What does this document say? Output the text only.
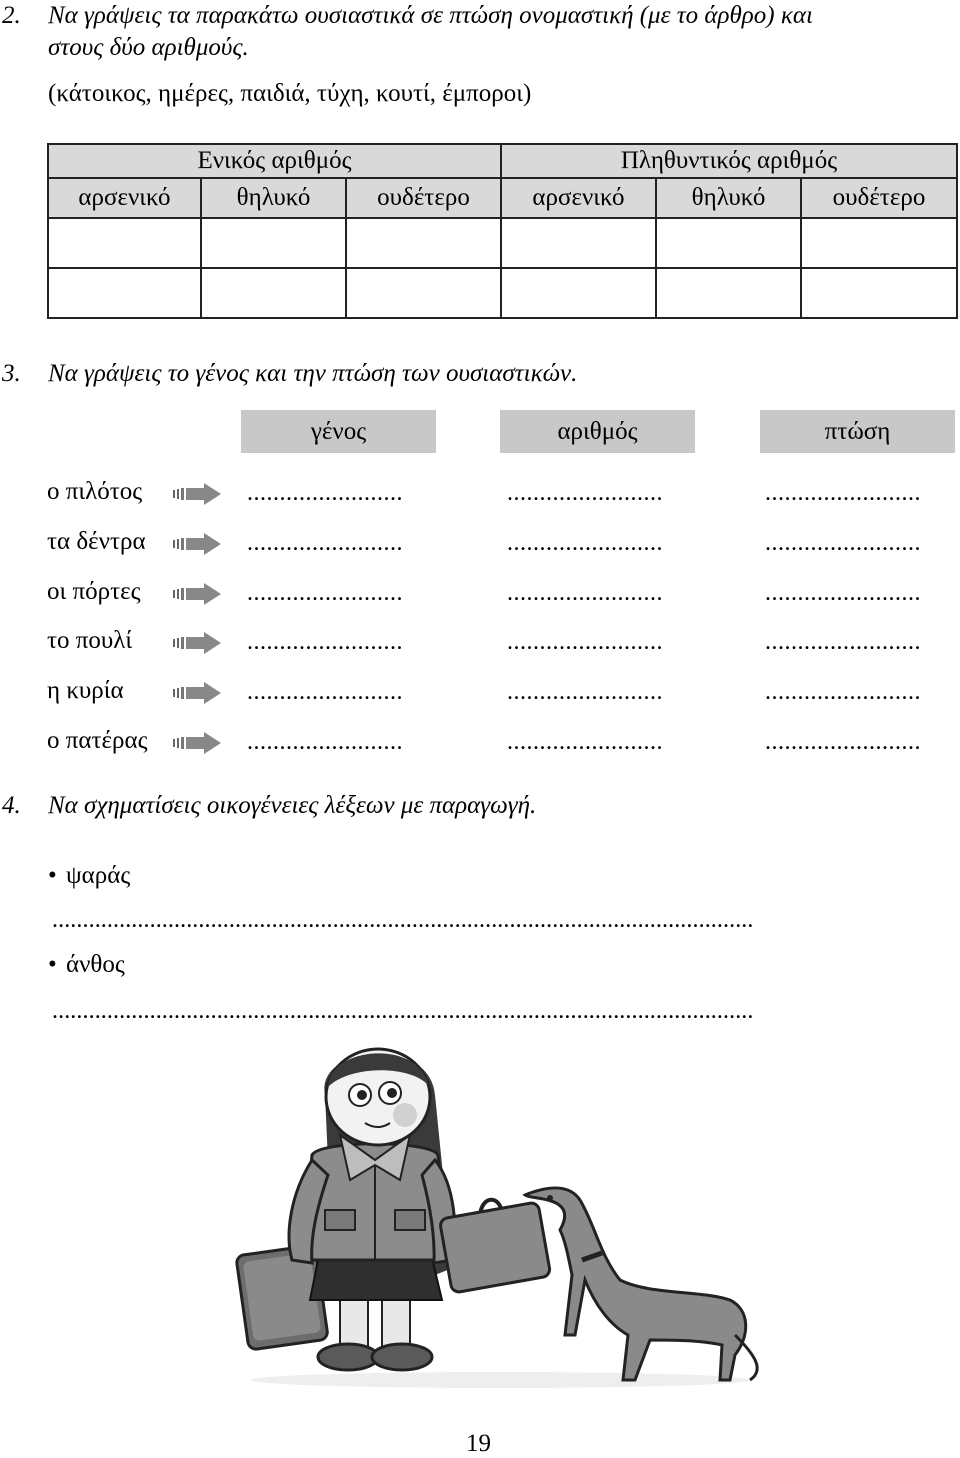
2. Να γράψεις τα παρακάτω ουσιαστικά σε πτώση ονομαστική (με το άρθρο) και
στους δύο αριθμούς.
(κάτοικος, ημέρες, παιδιά, τύχη, κουτί, έμποροι)
Ενικός αριθμός			Πληθυντικός αριθμός		
αρσενικό	θηλυκό	ουδέτερο	αρσενικό	θηλυκό	ουδέτερο

3. Να γράψεις το γένος και την πτώση των ουσιαστικών.
γένος	αριθμός	πτώση
ο πιλότος	........................	........................	........................
τα δέντρα	........................	........................	........................
οι πόρτες	........................	........................	........................
το πουλί	........................	........................	........................
η κυρία	........................	........................	........................
ο πατέρας	........................	........................	........................
4. Να σχηματίσεις οικογένειες λέξεων με παραγωγή.
• ψαράς
...................................................................................................................
• άνθος
...................................................................................................................
19
